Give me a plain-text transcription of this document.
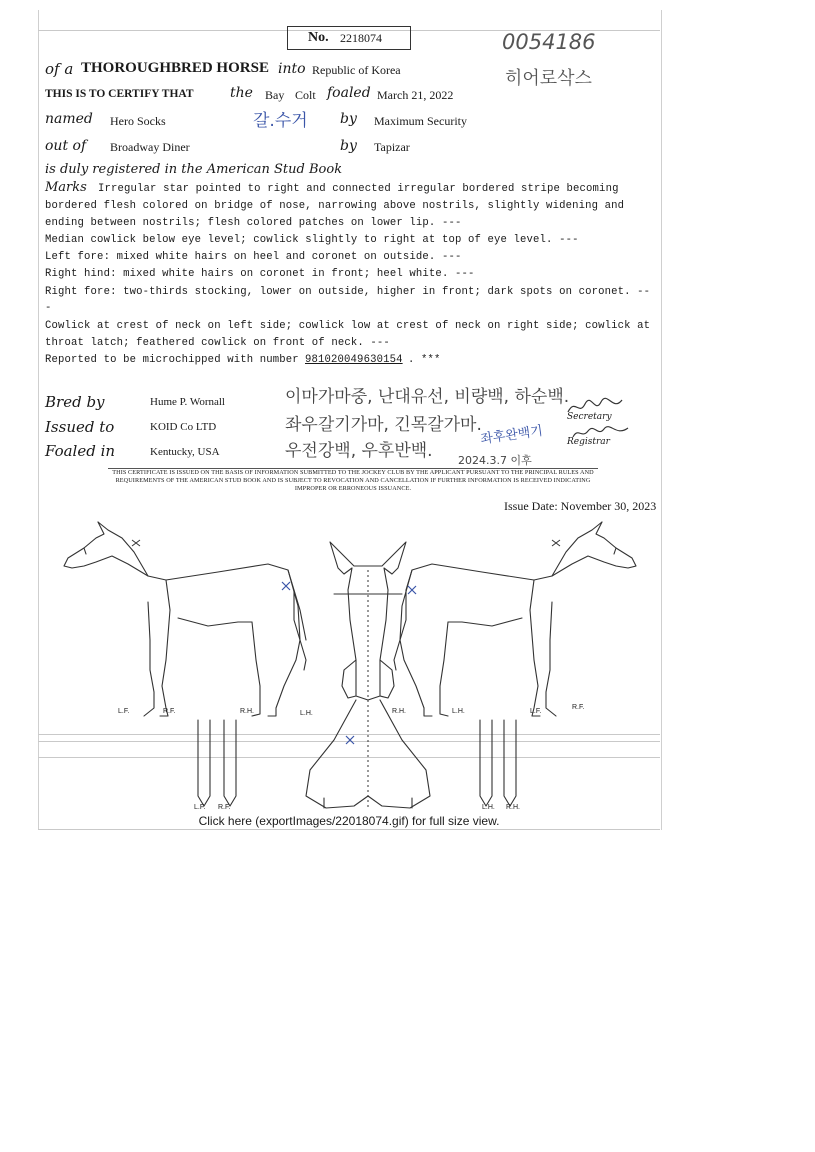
No. 2218074	0054186
히어로삭스
of a THOROUGHBRED HORSE into Republic of Korea
THIS IS TO CERTIFY THAT	the Bay Colt foaled March 21, 2022
named Hero Socks	갈.수거 by Maximum Security
out of Broadway Diner	by Tapizar
is duly registered in the American Stud Book
Marks Irregular star pointed to right and connected irregular bordered stripe becoming
bordered flesh colored on bridge of nose, narrowing above nostrils, slightly widening and
ending between nostrils; flesh colored patches on lower lip. ---
Median cowlick below eye level; cowlick slightly to right at top of eye level. ---
Left fore: mixed white hairs on heel and coronet on outside. ---
Right hind: mixed white hairs on coronet in front; heel white. ---
Right fore: two-thirds stocking, lower on outside, higher in front; dark spots on coronet. --
-
Cowlick at crest of neck on left side; cowlick low at crest of neck on right side; cowlick at
throat latch; feathered cowlick on front of neck. ---
Reported to be microchipped with number 981020049630154 . ***
Bred by	Hume P. Wornall
Issued to	KOID Co LTD
Foaled in	Kentucky, USA
이마가마중, 난대유선, 비량백, 하순백.
좌우갈기가마, 긴목갈가마.
우전강백, 우후반백.
좌후완백기
2024.3.7 이후
Secretary
Registrar
THIS CERTIFICATE IS ISSUED ON THE BASIS OF INFORMATION SUBMITTED TO THE JOCKEY CLUB BY THE APPLICANT PURSUANT TO THE PRINCIPAL RULES AND REQUIREMENTS OF THE AMERICAN STUD BOOK AND IS SUBJECT TO REVOCATION AND CANCELLATION IF FURTHER INFORMATION IS RECEIVED INDICATING IMPROPER OR ERRONEOUS ISSUANCE.
Issue Date: November 30, 2023
L.F.	R.F.	R.H.	L.H.	R.H.	L.H.	L.F.
R.F.
L.F. R.F.	L.H. R.H.
Click here (exportImages/22018074.gif) for full size view.
